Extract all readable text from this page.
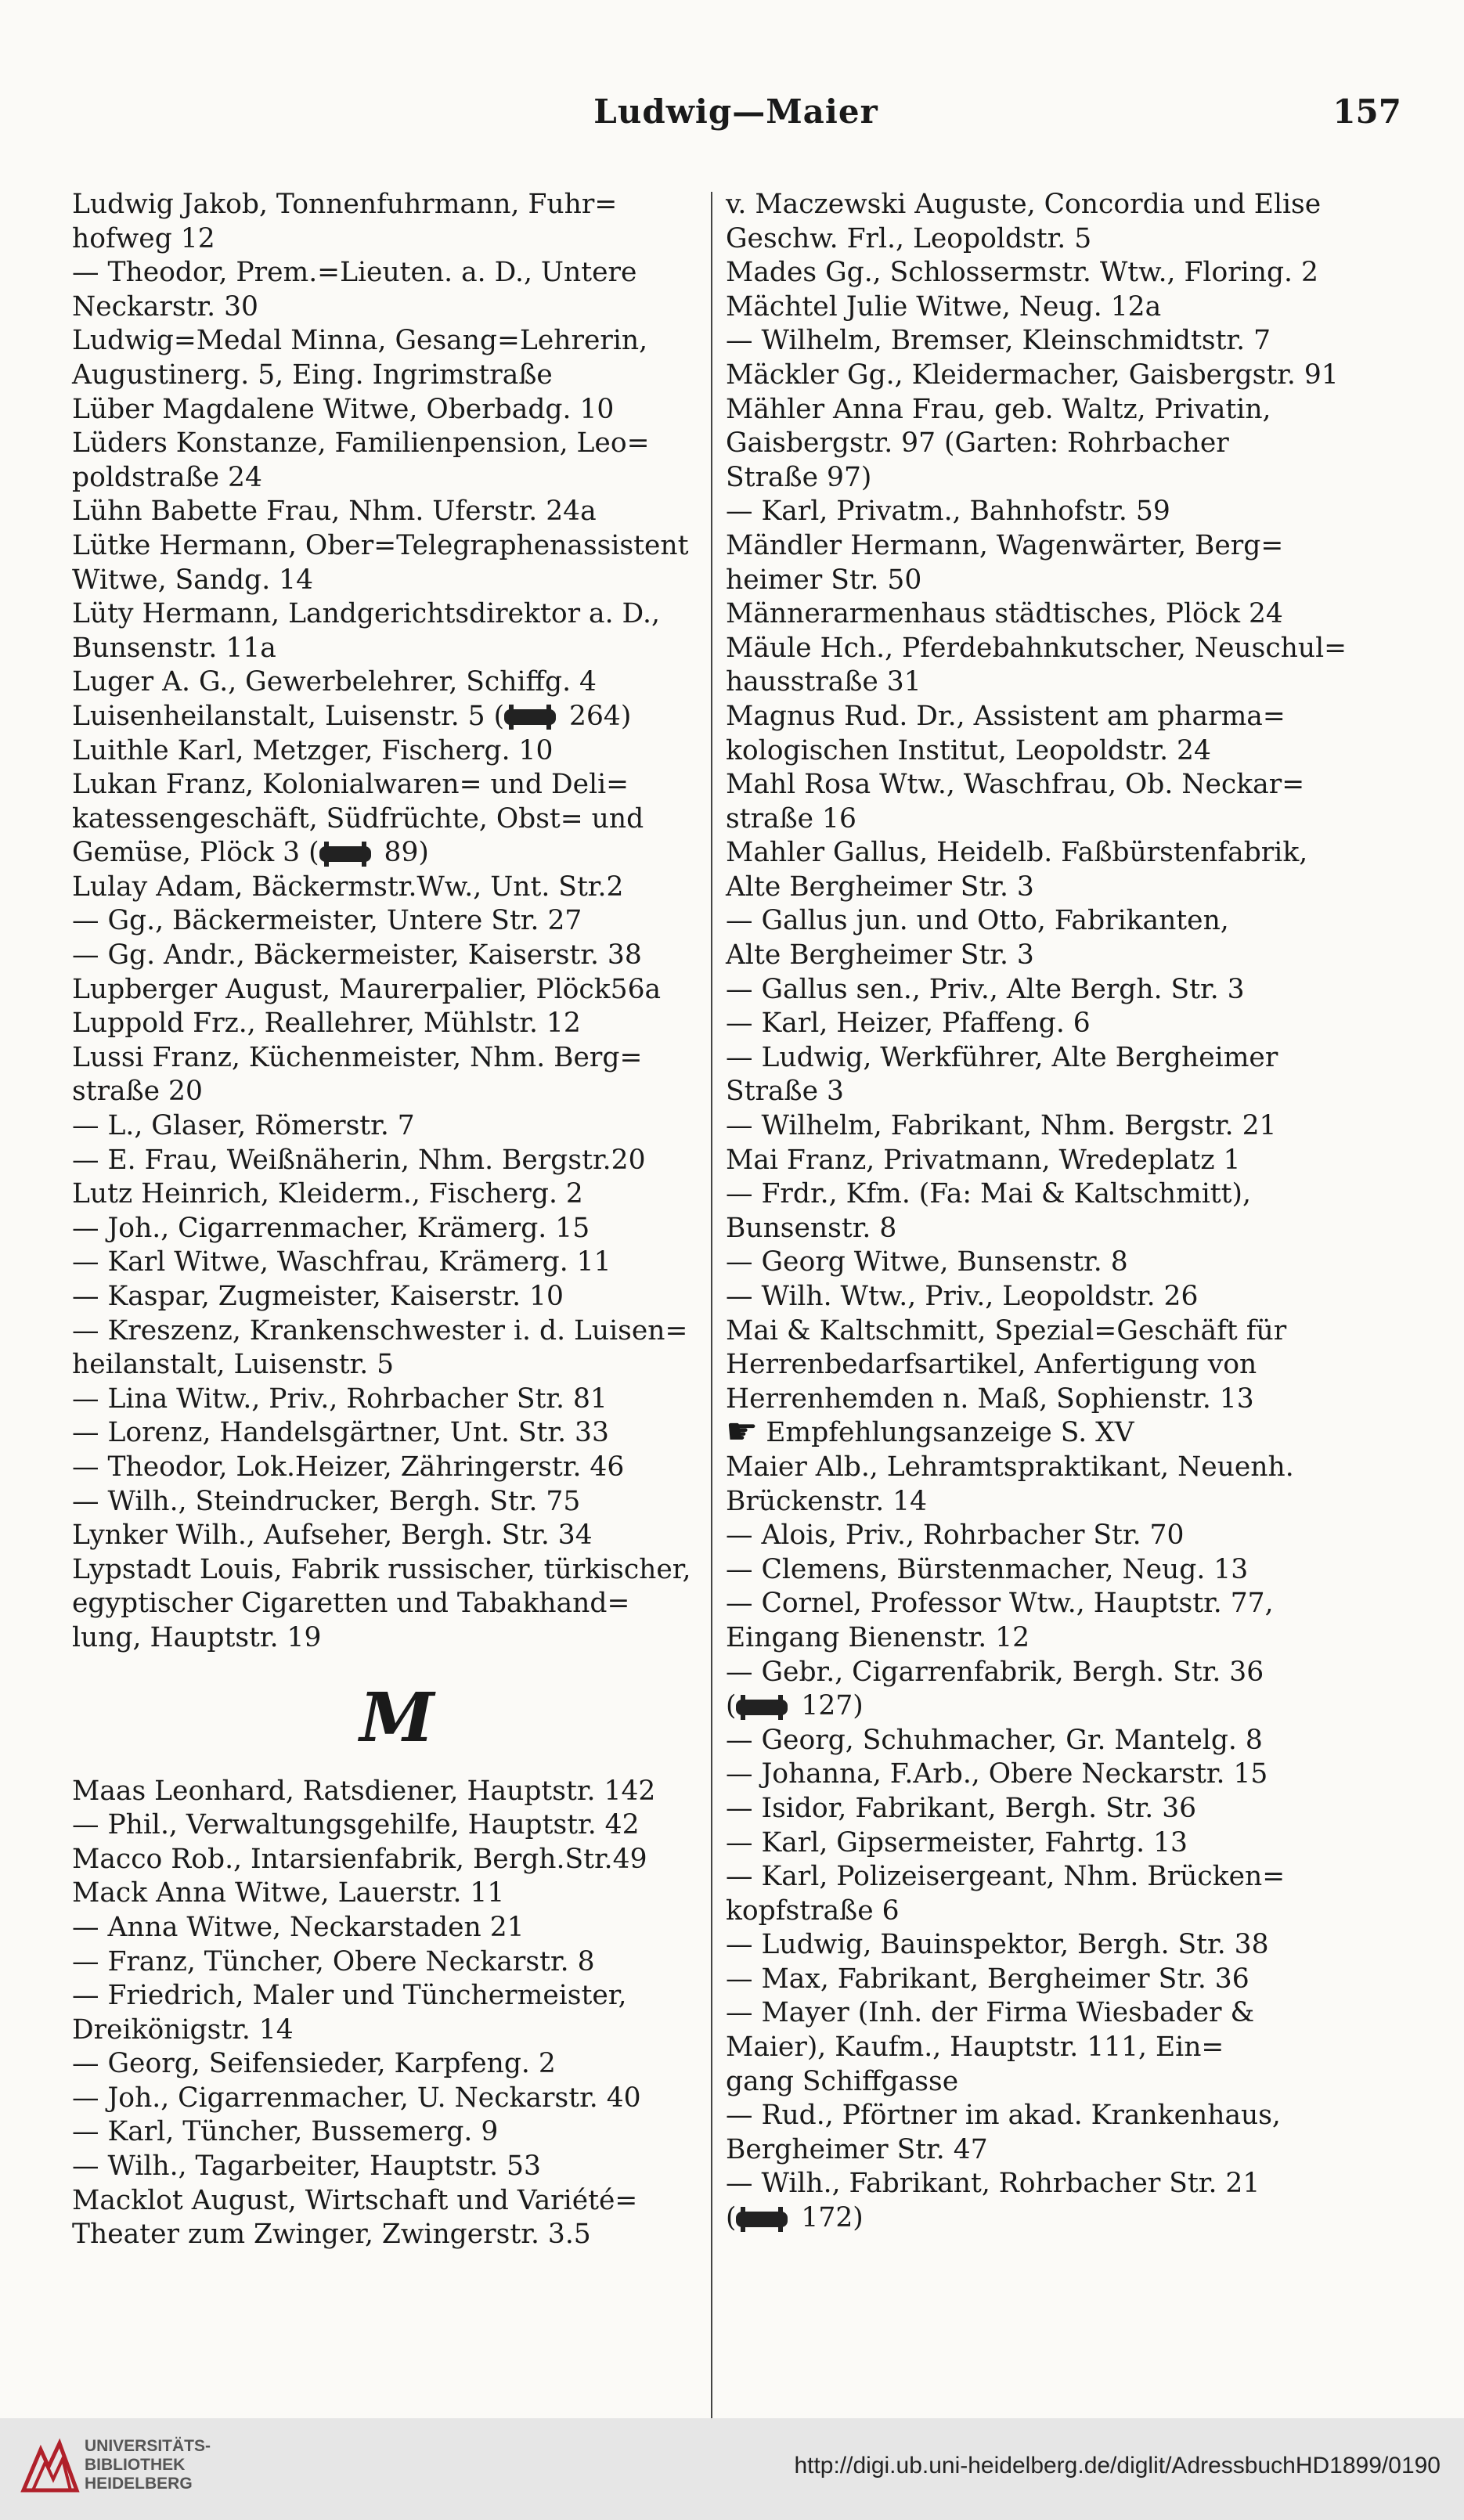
Ludwig—Maier	157
Ludwig Jakob, Tonnenfuhrmann, Fuhr=
hofweg 12
— Theodor, Prem.=Lieuten. a. D., Untere
Neckarstr. 30
Ludwig=Medal Minna, Gesang=Lehrerin,
Augustinerg. 5, Eing. Ingrimstraße
Lüber Magdalene Witwe, Oberbadg. 10
Lüders Konstanze, Familienpension, Leo=
poldstraße 24
Lühn Babette Frau, Nhm. Uferstr. 24a
Lütke Hermann, Ober=Telegraphenassistent
Witwe, Sandg. 14
Lüty Hermann, Landgerichtsdirektor a. D.,
Bunsenstr. 11a
Luger A. G., Gewerbelehrer, Schiffg. 4
Luisenheilanstalt, Luisenstr. 5 ( 264)
Luithle Karl, Metzger, Fischerg. 10
Lukan Franz, Kolonialwaren= und Deli=
katessengeschäft, Südfrüchte, Obst= und
Gemüse, Plöck 3 ( 89)
Lulay Adam, Bäckermstr.Ww., Unt. Str.2
— Gg., Bäckermeister, Untere Str. 27
— Gg. Andr., Bäckermeister, Kaiserstr. 38
Lupberger August, Maurerpalier, Plöck56a
Luppold Frz., Reallehrer, Mühlstr. 12
Lussi Franz, Küchenmeister, Nhm. Berg=
straße 20
— L., Glaser, Römerstr. 7
— E. Frau, Weißnäherin, Nhm. Bergstr.20
Lutz Heinrich, Kleiderm., Fischerg. 2
— Joh., Cigarrenmacher, Krämerg. 15
— Karl Witwe, Waschfrau, Krämerg. 11
— Kaspar, Zugmeister, Kaiserstr. 10
— Kreszenz, Krankenschwester i. d. Luisen=
heilanstalt, Luisenstr. 5
— Lina Witw., Priv., Rohrbacher Str. 81
— Lorenz, Handelsgärtner, Unt. Str. 33
— Theodor, Lok.Heizer, Zähringerstr. 46
— Wilh., Steindrucker, Bergh. Str. 75
Lynker Wilh., Aufseher, Bergh. Str. 34
Lypstadt Louis, Fabrik russischer, türkischer,
egyptischer Cigaretten und Tabakhand=
lung, Hauptstr. 19
M
Maas Leonhard, Ratsdiener, Hauptstr. 142
— Phil., Verwaltungsgehilfe, Hauptstr. 42
Macco Rob., Intarsienfabrik, Bergh.Str.49
Mack Anna Witwe, Lauerstr. 11
— Anna Witwe, Neckarstaden 21
— Franz, Tüncher, Obere Neckarstr. 8
— Friedrich, Maler und Tünchermeister,
Dreikönigstr. 14
— Georg, Seifensieder, Karpfeng. 2
— Joh., Cigarrenmacher, U. Neckarstr. 40
— Karl, Tüncher, Bussemerg. 9
— Wilh., Tagarbeiter, Hauptstr. 53
Macklot August, Wirtschaft und Variété=
Theater zum Zwinger, Zwingerstr. 3.5
v. Maczewski Auguste, Concordia und Elise
Geschw. Frl., Leopoldstr. 5
Mades Gg., Schlossermstr. Wtw., Floring. 2
Mächtel Julie Witwe, Neug. 12a
— Wilhelm, Bremser, Kleinschmidtstr. 7
Mäckler Gg., Kleidermacher, Gaisbergstr. 91
Mähler Anna Frau, geb. Waltz, Privatin,
Gaisbergstr. 97 (Garten: Rohrbacher
Straße 97)
— Karl, Privatm., Bahnhofstr. 59
Mändler Hermann, Wagenwärter, Berg=
heimer Str. 50
Männerarmenhaus städtisches, Plöck 24
Mäule Hch., Pferdebahnkutscher, Neuschul=
hausstraße 31
Magnus Rud. Dr., Assistent am pharma=
kologischen Institut, Leopoldstr. 24
Mahl Rosa Wtw., Waschfrau, Ob. Neckar=
straße 16
Mahler Gallus, Heidelb. Faßbürstenfabrik,
Alte Bergheimer Str. 3
— Gallus jun. und Otto, Fabrikanten,
Alte Bergheimer Str. 3
— Gallus sen., Priv., Alte Bergh. Str. 3
— Karl, Heizer, Pfaffeng. 6
— Ludwig, Werkführer, Alte Bergheimer
Straße 3
— Wilhelm, Fabrikant, Nhm. Bergstr. 21
Mai Franz, Privatmann, Wredeplatz 1
— Frdr., Kfm. (Fa: Mai & Kaltschmitt),
Bunsenstr. 8
— Georg Witwe, Bunsenstr. 8
— Wilh. Wtw., Priv., Leopoldstr. 26
Mai & Kaltschmitt, Spezial=Geschäft für
Herrenbedarfsartikel, Anfertigung von
Herrenhemden n. Maß, Sophienstr. 13
☛ Empfehlungsanzeige S. XV
Maier Alb., Lehramtspraktikant, Neuenh.
Brückenstr. 14
— Alois, Priv., Rohrbacher Str. 70
— Clemens, Bürstenmacher, Neug. 13
— Cornel, Professor Wtw., Hauptstr. 77,
Eingang Bienenstr. 12
— Gebr., Cigarrenfabrik, Bergh. Str. 36
( 127)
— Georg, Schuhmacher, Gr. Mantelg. 8
— Johanna, F.Arb., Obere Neckarstr. 15
— Isidor, Fabrikant, Bergh. Str. 36
— Karl, Gipsermeister, Fahrtg. 13
— Karl, Polizeisergeant, Nhm. Brücken=
kopfstraße 6
— Ludwig, Bauinspektor, Bergh. Str. 38
— Max, Fabrikant, Bergheimer Str. 36
— Mayer (Inh. der Firma Wiesbader &
Maier), Kaufm., Hauptstr. 111, Ein=
gang Schiffgasse
— Rud., Pförtner im akad. Krankenhaus,
Bergheimer Str. 47
— Wilh., Fabrikant, Rohrbacher Str. 21
( 172)
UNIVERSITÄTS-
BIBLIOTHEK
HEIDELBERG
http://digi.ub.uni-heidelberg.de/diglit/AdressbuchHD1899/0190
